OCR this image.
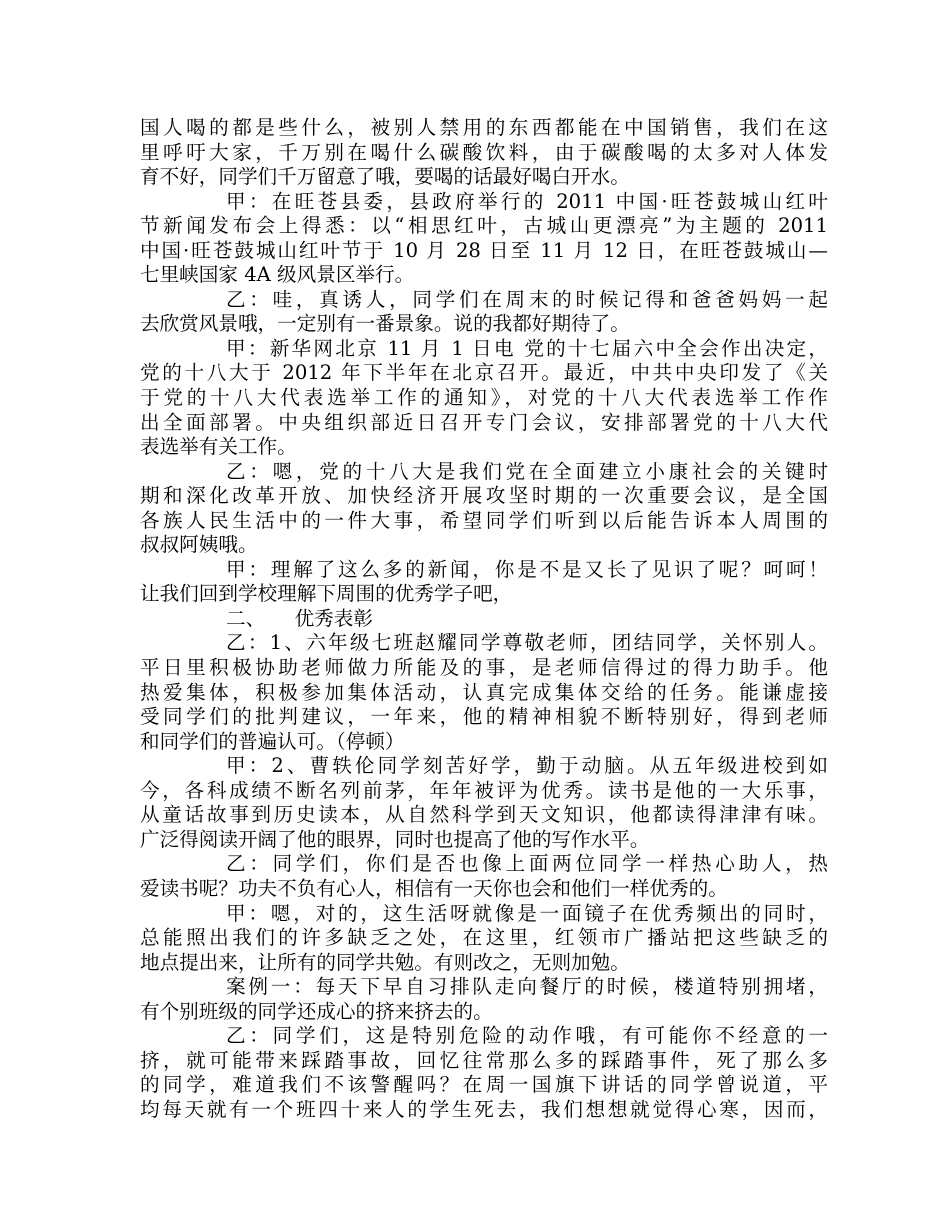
国人喝的都是些什么，被别人禁用的东西都能在中国销售，我们在这
里呼吁大家，千万别在喝什么碳酸饮料，由于碳酸喝的太多对人体发
育不好，同学们千万留意了哦，要喝的话最好喝白开水。
甲：在旺苍县委，县政府举行的 2011 中国·旺苍鼓城山红叶
节新闻发布会上得悉：以“相思红叶，古城山更漂亮”为主题的 2011
中国·旺苍鼓城山红叶节于 10 月 28 日至 11 月 12 日，在旺苍鼓城山—
七里峡国家 4A 级风景区举行。
乙：哇，真诱人，同学们在周末的时候记得和爸爸妈妈一起
去欣赏风景哦，一定别有一番景象。说的我都好期待了。
甲：新华网北京 11 月 1 日电 党的十七届六中全会作出决定，
党的十八大于 2012 年下半年在北京召开。最近，中共中央印发了《关
于党的十八大代表选举工作的通知》，对党的十八大代表选举工作作
出全面部署。中央组织部近日召开专门会议，安排部署党的十八大代
表选举有关工作。
乙：嗯，党的十八大是我们党在全面建立小康社会的关键时
期和深化改革开放、加快经济开展攻坚时期的一次重要会议，是全国
各族人民生活中的一件大事，希望同学们听到以后能告诉本人周围的
叔叔阿姨哦。
甲：理解了这么多的新闻，你是不是又长了见识了呢？呵呵！
让我们回到学校理解下周围的优秀学子吧，
二、　　优秀表彰
乙：1、六年级七班赵耀同学尊敬老师，团结同学，关怀别人。
平日里积极协助老师做力所能及的事，是老师信得过的得力助手。他
热爱集体，积极参加集体活动，认真完成集体交给的任务。能谦虚接
受同学们的批判建议，一年来，他的精神相貌不断特别好，得到老师
和同学们的普遍认可。（停顿）
甲：2、曹轶伦同学刻苦好学，勤于动脑。从五年级进校到如
今，各科成绩不断名列前茅，年年被评为优秀。读书是他的一大乐事，
从童话故事到历史读本，从自然科学到天文知识，他都读得津津有味。
广泛得阅读开阔了他的眼界，同时也提高了他的写作水平。
乙：同学们，你们是否也像上面两位同学一样热心助人，热
爱读书呢？功夫不负有心人，相信有一天你也会和他们一样优秀的。
甲：嗯，对的，这生活呀就像是一面镜子在优秀频出的同时，
总能照出我们的许多缺乏之处，在这里，红领市广播站把这些缺乏的
地点提出来，让所有的同学共勉。有则改之，无则加勉。
案例一：每天下早自习排队走向餐厅的时候，楼道特别拥堵，
有个别班级的同学还成心的挤来挤去的。
乙：同学们，这是特别危险的动作哦，有可能你不经意的一
挤，就可能带来踩踏事故，回忆往常那么多的踩踏事件，死了那么多
的同学，难道我们不该警醒吗？在周一国旗下讲话的同学曾说道，平
均每天就有一个班四十来人的学生死去，我们想想就觉得心寒，因而，
